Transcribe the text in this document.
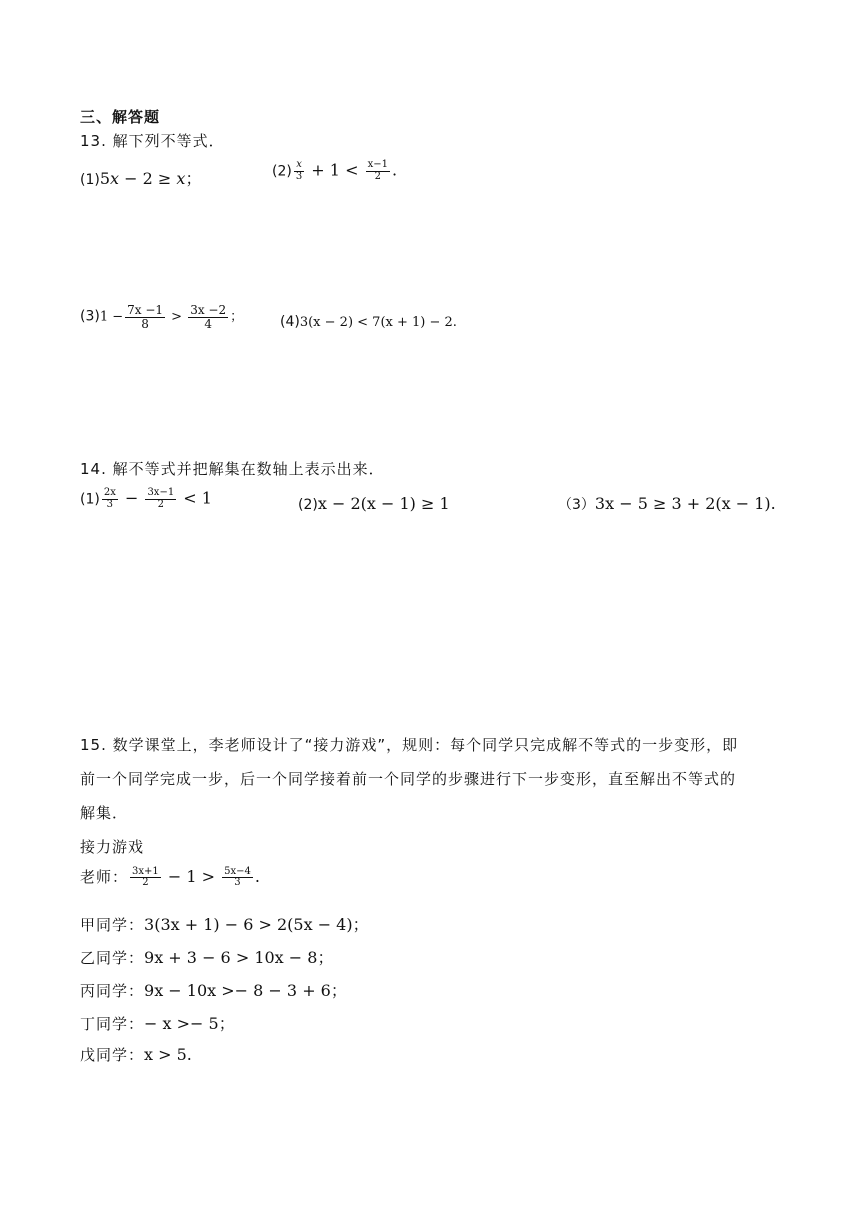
三、解答题
13. 解下列不等式．
(1)5x − 2 ≥ x；	$(2) \frac{x}{3} + 1 < \frac{x-1}{2}$ .
$(3)1 - \frac{7x -1}{8} > \frac{3x -2}{4}$ ；	(4)3(x − 2) < 7(x + 1) − 2.
14. 解不等式并把解集在数轴上表示出来．
$(1) \frac{2x}{3} - \frac{3x-1}{2} < 1$	(2)x − 2(x − 1) ≥ 1	（3）3x − 5 ≥ 3 + 2(x − 1).
15. 数学课堂上，李老师设计了“接力游戏”，规则：每个同学只完成解不等式的一步变形，即
前一个同学完成一步，后一个同学接着前一个同学的步骤进行下一步变形，直至解出不等式的
解集．
接力游戏
老师： $\frac{3x+1}{2} - 1 > \frac{5x-4}{3}$ .
甲同学：3(3x + 1) − 6 > 2(5x − 4)；
乙同学：9x + 3 − 6 > 10x − 8；
丙同学：9x − 10x >− 8 − 3 + 6；
丁同学：− x >− 5；
戊同学：x > 5.
